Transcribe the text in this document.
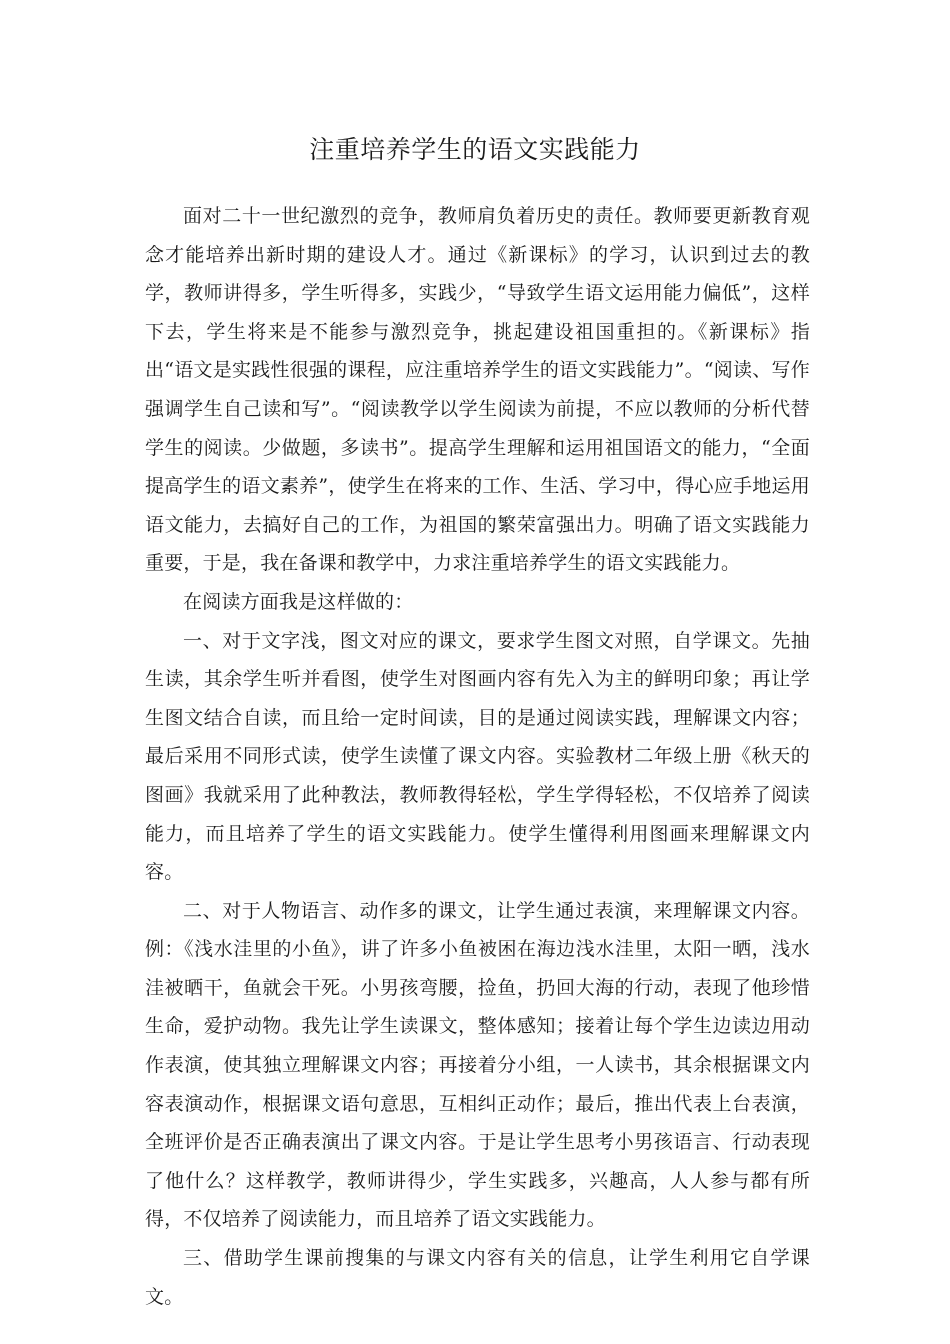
注重培养学生的语文实践能力

面对二十一世纪激烈的竞争，教师肩负着历史的责任。教师要更新教育观念才能培养出新时期的建设人才。通过《新课标》的学习，认识到过去的教学，教师讲得多，学生听得多，实践少，“导致学生语文运用能力偏低”，这样下去，学生将来是不能参与激烈竞争，挑起建设祖国重担的。《新课标》指出“语文是实践性很强的课程，应注重培养学生的语文实践能力”。“阅读、写作强调学生自己读和写”。“阅读教学以学生阅读为前提，不应以教师的分析代替学生的阅读。少做题，多读书”。提高学生理解和运用祖国语文的能力，“全面提高学生的语文素养”，使学生在将来的工作、生活、学习中，得心应手地运用语文能力，去搞好自己的工作，为祖国的繁荣富强出力。明确了语文实践能力重要，于是，我在备课和教学中，力求注重培养学生的语文实践能力。

在阅读方面我是这样做的：

一、对于文字浅，图文对应的课文，要求学生图文对照，自学课文。先抽生读，其余学生听并看图，使学生对图画内容有先入为主的鲜明印象；再让学生图文结合自读，而且给一定时间读，目的是通过阅读实践，理解课文内容；最后采用不同形式读，使学生读懂了课文内容。实验教材二年级上册《秋天的图画》我就采用了此种教法，教师教得轻松，学生学得轻松，不仅培养了阅读能力，而且培养了学生的语文实践能力。使学生懂得利用图画来理解课文内容。

二、对于人物语言、动作多的课文，让学生通过表演，来理解课文内容。例：《浅水洼里的小鱼》，讲了许多小鱼被困在海边浅水洼里，太阳一晒，浅水洼被晒干，鱼就会干死。小男孩弯腰，捡鱼，扔回大海的行动，表现了他珍惜生命，爱护动物。我先让学生读课文，整体感知；接着让每个学生边读边用动作表演，使其独立理解课文内容；再接着分小组，一人读书，其余根据课文内容表演动作，根据课文语句意思，互相纠正动作；最后，推出代表上台表演，全班评价是否正确表演出了课文内容。于是让学生思考小男孩语言、行动表现了他什么？这样教学，教师讲得少，学生实践多，兴趣高，人人参与都有所得，不仅培养了阅读能力，而且培养了语文实践能力。

三、借助学生课前搜集的与课文内容有关的信息，让学生利用它自学课文。
